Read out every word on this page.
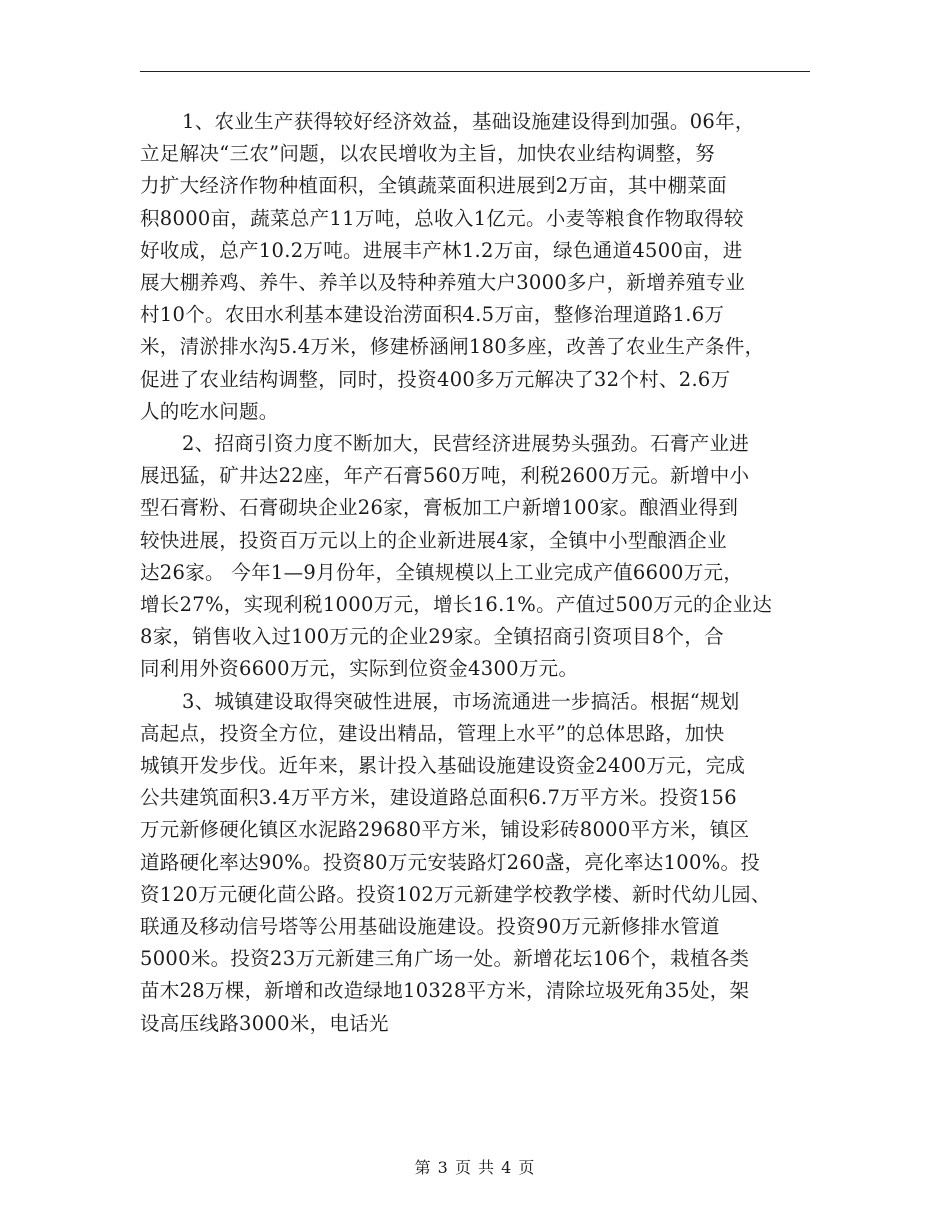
1、农业生产获得较好经济效益，基础设施建设得到加强。06年，
立足解决“三农”问题，以农民增收为主旨，加快农业结构调整，努
力扩大经济作物种植面积，全镇蔬菜面积进展到2万亩，其中棚菜面
积8000亩，蔬菜总产11万吨，总收入1亿元。小麦等粮食作物取得较
好收成，总产10.2万吨。进展丰产林1.2万亩，绿色通道4500亩，进
展大棚养鸡、养牛、养羊以及特种养殖大户3000多户，新增养殖专业
村10个。农田水利基本建设治涝面积4.5万亩，整修治理道路1.6万
米，清淤排水沟5.4万米，修建桥涵闸180多座，改善了农业生产条件，
促进了农业结构调整，同时，投资400多万元解决了32个村、2.6万
人的吃水问题。
2、招商引资力度不断加大，民营经济进展势头强劲。石膏产业进
展迅猛，矿井达22座，年产石膏560万吨，利税2600万元。新增中小
型石膏粉、石膏砌块企业26家，膏板加工户新增100家。酿酒业得到
较快进展，投资百万元以上的企业新进展4家，全镇中小型酿酒企业
达26家。 今年1—9月份年，全镇规模以上工业完成产值6600万元，
增长27%，实现利税1000万元，增长16.1%。产值过500万元的企业达
8家，销售收入过100万元的企业29家。全镇招商引资项目8个，合
同利用外资6600万元，实际到位资金4300万元。
3、城镇建设取得突破性进展，市场流通进一步搞活。根据“规划
高起点，投资全方位，建设出精品，管理上水平”的总体思路，加快
城镇开发步伐。近年来，累计投入基础设施建设资金2400万元，完成
公共建筑面积3.4万平方米，建设道路总面积6.7万平方米。投资156
万元新修硬化镇区水泥路29680平方米，铺设彩砖8000平方米，镇区
道路硬化率达90%。投资80万元安装路灯260盏，亮化率达100%。投
资120万元硬化茴公路。投资102万元新建学校教学楼、新时代幼儿园、
联通及移动信号塔等公用基础设施建设。投资90万元新修排水管道
5000米。投资23万元新建三角广场一处。新增花坛106个，栽植各类
苗木28万棵，新增和改造绿地10328平方米，清除垃圾死角35处，架
设高压线路3000米，电话光
第 3 页 共 4 页
